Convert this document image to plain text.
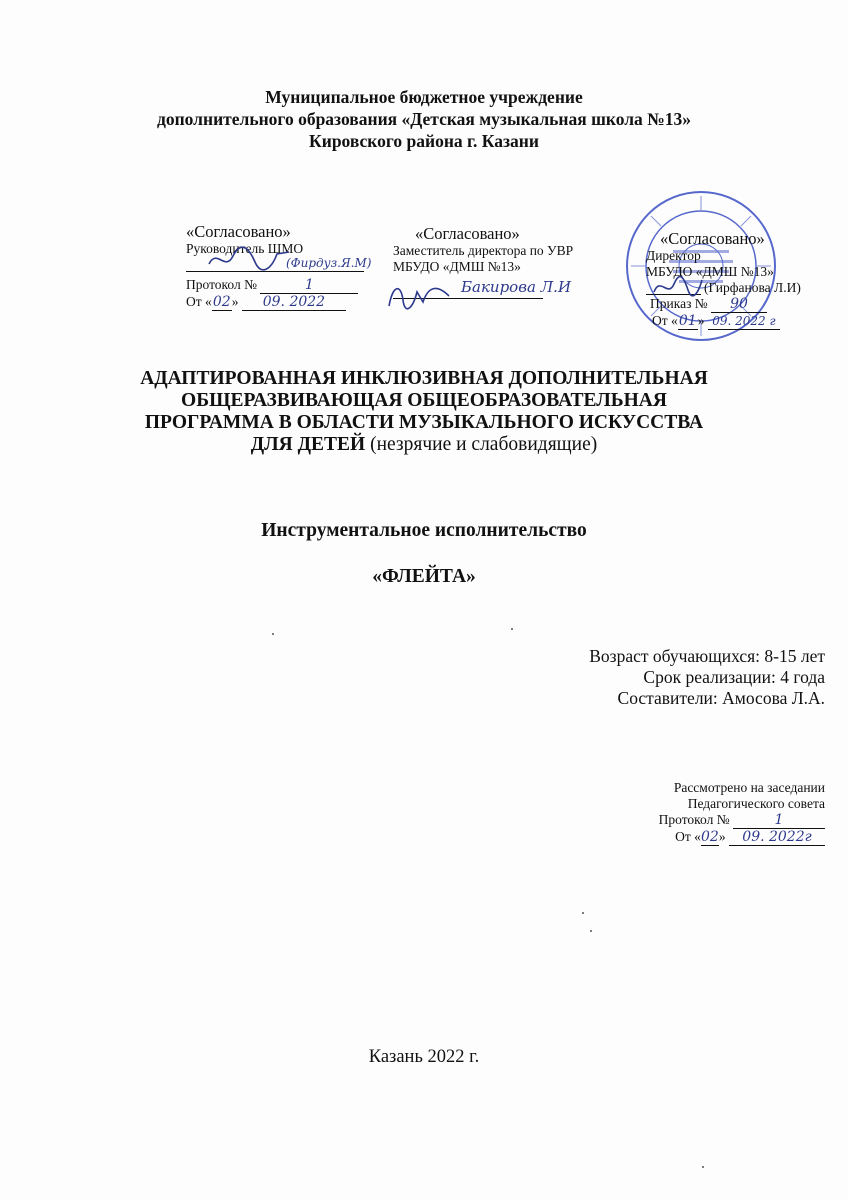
Муниципальное бюджетное учреждение
дополнительного образования «Детская музыкальная школа №13»
Кировского района г. Казани
«Согласовано»
Руководитель ШМО
(Фирдуз.Я.М)
Протокол №	1
От «02» 09. 2022
«Согласовано»
Заместитель директора по УВР
МБУДО «ДМШ №13»
Бакирова Л.И
«Согласовано»
Директор
МБУДО «ДМШ №13»
(Гирфанова Л.И)
Приказ № 90
От «01» 09. 2022 г
АДАПТИРОВАННАЯ ИНКЛЮЗИВНАЯ ДОПОЛНИТЕЛЬНАЯ
ОБЩЕРАЗВИВАЮЩАЯ ОБЩЕОБРАЗОВАТЕЛЬНАЯ
ПРОГРАММА В ОБЛАСТИ МУЗЫКАЛЬНОГО ИСКУССТВА
ДЛЯ ДЕТЕЙ (незрячие и слабовидящие)
Инструментальное исполнительство
«ФЛЕЙТА»
Возраст обучающихся: 8-15 лет
Срок реализации: 4 года
Составители: Амосова Л.А.
Рассмотрено на заседании
Педагогического совета
Протокол №	1
От «02» 09. 2022г
Казань 2022 г.
